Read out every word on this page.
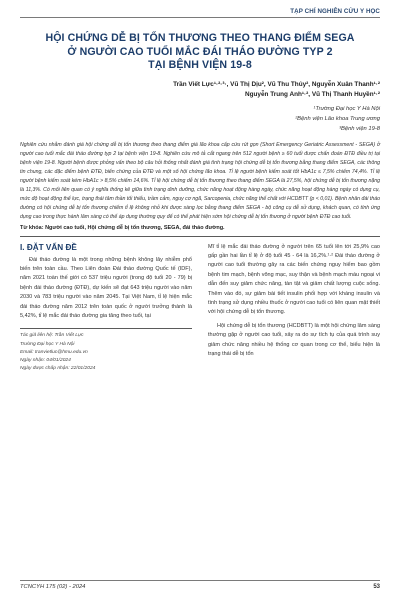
TẠP CHÍ NGHIÊN CỨU Y HỌC
HỘI CHỨNG DỄ BỊ TỔN THƯƠNG THEO THANG ĐIỂM SEGA
Ở NGƯỜI CAO TUỔI MẮC ĐÁI THÁO ĐƯỜNG TYP 2
TẠI BỆNH VIỆN 19-8
Trần Viết Lực¹·²·³·, Vũ Thị Dịu², Vũ Thu Thủy², Nguyễn Xuân Thanh¹·²
Nguyễn Trung Anh¹·², Vũ Thị Thanh Huyền¹·²
¹Trường Đại học Y Hà Nội
²Bệnh viện Lão khoa Trung ương
³Bệnh viện 19-8
Nghiên cứu nhằm đánh giá hội chứng dễ bị tổn thương theo thang điểm giá lão khoa cấp cứu rút gọn (Short Emergency Geriatric Assessment - SEGA) ở người cao tuổi mắc đái tháo đường typ 2 tại bệnh viện 19-8. Nghiên cứu mô tả cắt ngang trên 512 người bệnh ≥ 60 tuổi được chẩn đoán ĐTĐ điều trị tại bệnh viện 19-8. Người bệnh được phỏng vấn theo bộ câu hỏi thống nhất đánh giá tình trạng hội chứng dễ bị tổn thương bằng thang điểm SEGA, các thông tin chung, các đặc điểm bệnh ĐTĐ, biến chứng của ĐTĐ và một số hội chứng lão khoa. Tỉ lệ người bệnh kiểm soát tốt HbA1c ≤ 7,5% chiếm 74,4%. Tỉ lệ người bệnh kiểm soát kém HbA1c > 8,5% chiếm 14,6%. Tỉ lệ hội chứng dễ bị tổn thương theo thang điểm SEGA là 27,5%, hội chứng dễ bị tổn thương nặng là 11,3%. Có mối liên quan có ý nghĩa thống kê giữa tình trạng dinh dưỡng, chức năng hoạt động hàng ngày, chức năng hoạt động hàng ngày có dụng cụ, mức độ hoạt động thể lực, trạng thái tâm thần tối thiểu, trầm cảm, nguy cơ ngã, Sarcopenia, chức năng thể chất với HCDBTT (p < 0,01). Bệnh nhân đái tháo đường có hội chứng dễ bị tổn thương chiếm tỉ lệ không nhỏ khi được sàng lọc bằng thang điểm SEGA - bộ công cụ dễ sử dụng, khách quan, có tính ứng dụng cao trong thực hành lâm sàng có thể áp dụng thường quy để có thể phát hiện sớm hội chứng dễ bị tổn thương ở người bệnh ĐTĐ cao tuổi.
Từ khóa: Người cao tuổi, Hội chứng dễ bị tổn thương, SEGA, đái tháo đường.
I. ĐẶT VẤN ĐỀ

Đái tháo đường là một trong những bệnh không lây nhiễm phổ biến trên toàn cầu. Theo Liên đoàn Đái tháo đường Quốc tế (IDF), năm 2021 toàn thế giới có 537 triệu người (trong độ tuổi 20 - 79) bị bệnh đái tháo đường (ĐTĐ), dự kiến sẽ đạt 643 triệu người vào năm 2030 và 783 triệu người vào năm 2045. Tại Việt Nam, tỉ lệ hiện mắc đái tháo đường năm 2012 trên toàn quốc ở người trưởng thành là 5,42%, tỉ lệ mắc đái tháo đường gia tăng theo tuổi, tại

Tác giả liên hệ: Trần Viết Lực
Trường Đại học Y Hà Nội
Email: tranvietluc@hmu.edu.vn
Ngày nhận: 04/01/2024
Ngày được chấp nhận: 22/01/2024

Mĩ tỉ lệ mắc đái tháo đường ở người trên 65 tuổi lên tới 25,9% cao gấp gần hai lần tỉ lệ ở độ tuổi 45 - 64 là 16,2%.¹·² Đái tháo đường ở người cao tuổi thường gây ra các biến chứng nguy hiểm bao gồm bệnh tim mạch, bệnh võng mạc, suy thận và bệnh mạch máu ngoại vi dẫn đến suy giảm chức năng, tàn tật và giảm chất lượng cuộc sống. Thêm vào đó, sự giảm bài tiết insulin phối hợp với kháng insulin và tình trạng sử dụng nhiều thuốc ở người cao tuổi có liên quan mật thiết với hội chứng dễ bị tổn thương.

Hội chứng dễ bị tổn thương (HCDBTT) là một hội chứng lâm sàng thường gặp ở người cao tuổi, xảy ra do sự tích tụ của quá trình suy giảm chức năng nhiều hệ thống cơ quan trong cơ thể, biểu hiện là trạng thái dễ bị tổn

TCNCYH 175 (02) - 2024	53
